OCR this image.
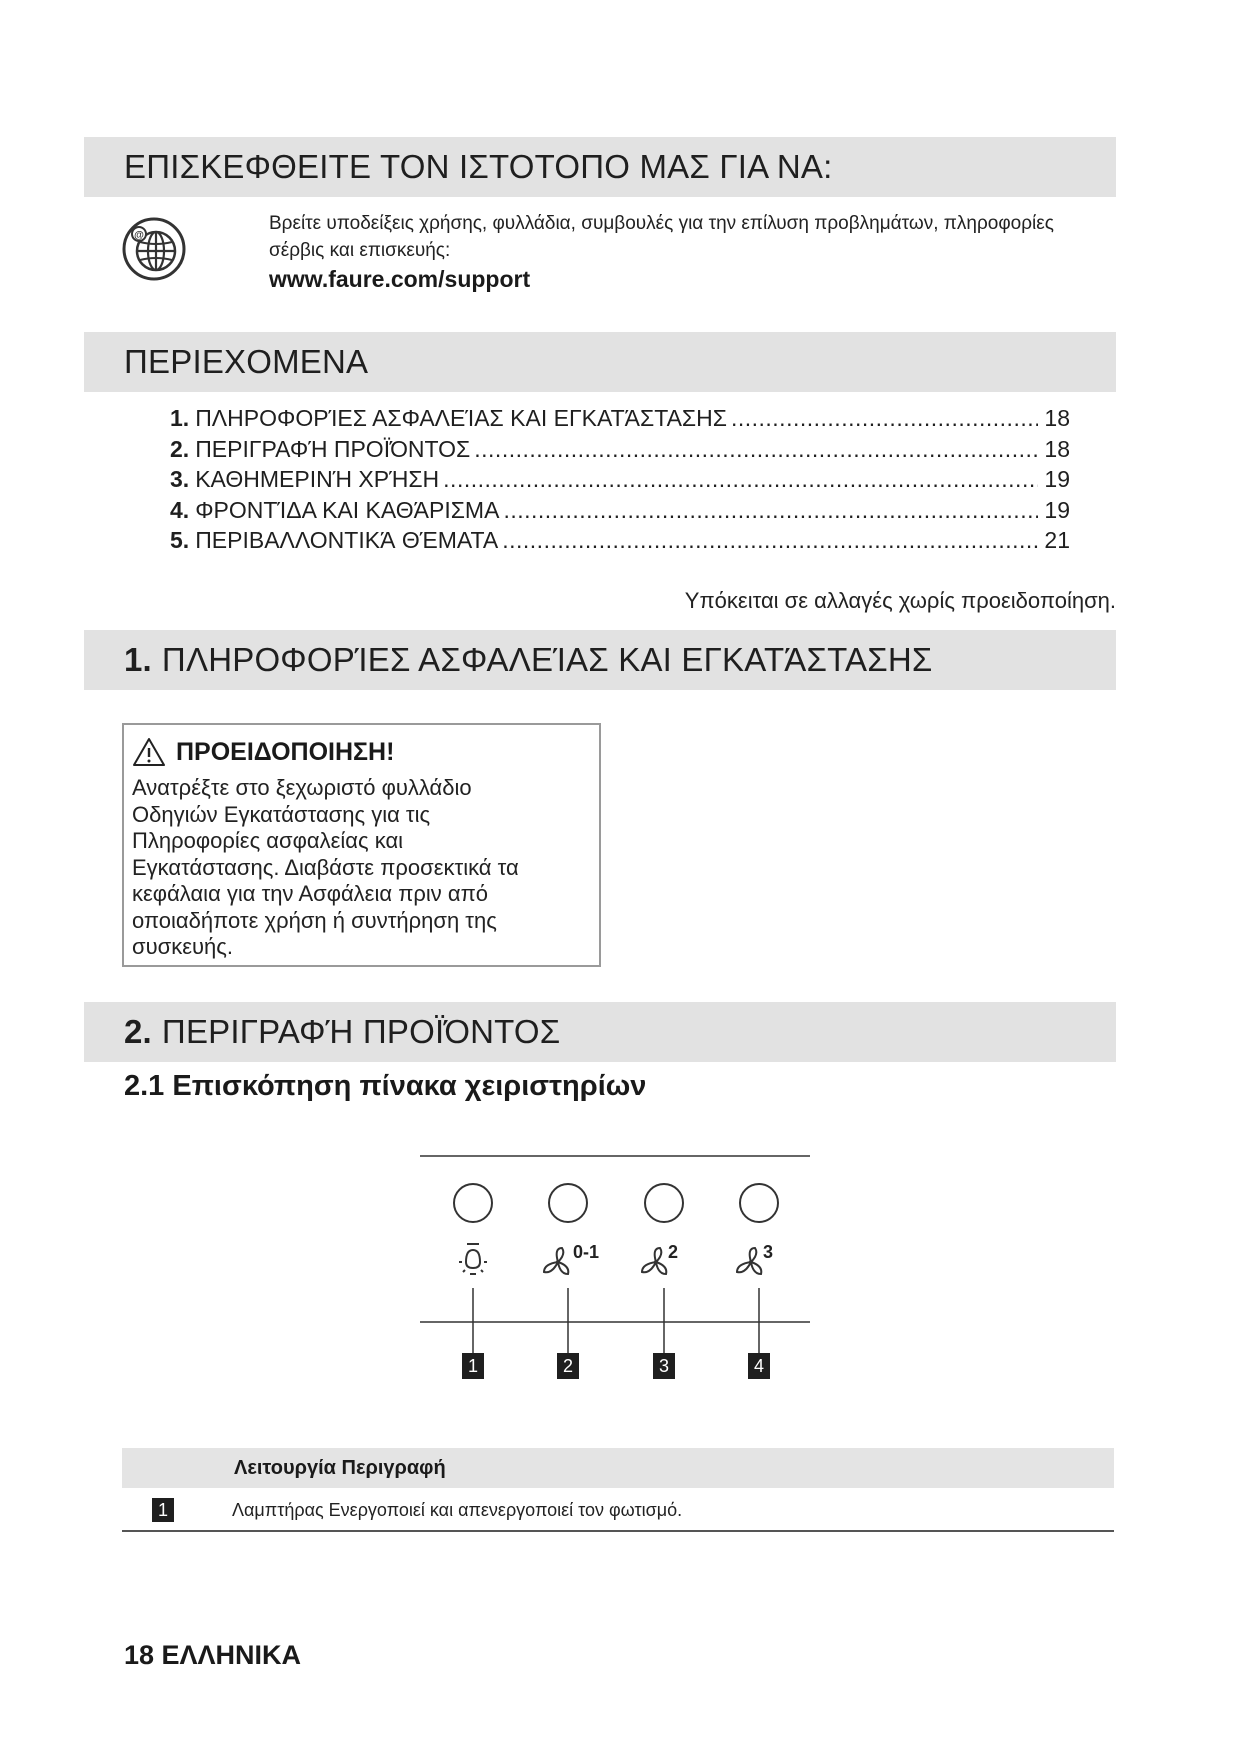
ΕΠΙΣΚΕΦΘΕΙΤΕ ΤΟΝ ΙΣΤΟΤΟΠΟ ΜΑΣ ΓΙΑ ΝΑ:
@
Βρείτε υποδείξεις χρήσης, φυλλάδια, συμβουλές για την επίλυση προβλημάτων, πληροφορίες σέρβις και επισκευής:
www.faure.com/support
ΠΕΡΙΕΧΟΜΕΝΑ
1. ΠΛΗΡΟΦΟΡΊΕΣ ΑΣΦΑΛΕΊΑΣ ΚΑΙ ΕΓΚΑΤΆΣΤΑΣΗΣ .....	18
2. ΠΕΡΙΓΡΑΦΉ ΠΡΟΪΌΝΤΟΣ .....	18
3. ΚΑΘΗΜΕΡΙΝΉ ΧΡΉΣΗ .....	19
4. ΦΡΟΝΤΊΔΑ ΚΑΙ ΚΑΘΆΡΙΣΜΑ .....	19
5. ΠΕΡΙΒΑΛΛΟΝΤΙΚΆ ΘΈΜΑΤΑ .....	21
Υπόκειται σε αλλαγές χωρίς προειδοποίηση.
1. ΠΛΗΡΟΦΟΡΊΕΣ ΑΣΦΑΛΕΊΑΣ ΚΑΙ ΕΓΚΑΤΆΣΤΑΣΗΣ
ΠΡΟΕΙΔΟΠΟΙΗΣΗ!
Ανατρέξτε στο ξεχωριστό φυλλάδιο
Οδηγιών Εγκατάστασης για τις
Πληροφορίες ασφαλείας και
Εγκατάστασης. Διαβάστε προσεκτικά τα
κεφάλαια για την Ασφάλεια πριν από
οποιαδήποτε χρήση ή συντήρηση της
συσκευής.
2. ΠΕΡΙΓΡΑΦΉ ΠΡΟΪΌΝΤΟΣ
2.1 Επισκόπηση πίνακα χειριστηρίων
0-1	2	3
1	2	3	4
Λειτουργία Περιγραφή
1	Λαμπτήρας Ενεργοποιεί και απενεργοποιεί τον φωτισμό.
18 ΕΛΛΗΝΙΚΑ
